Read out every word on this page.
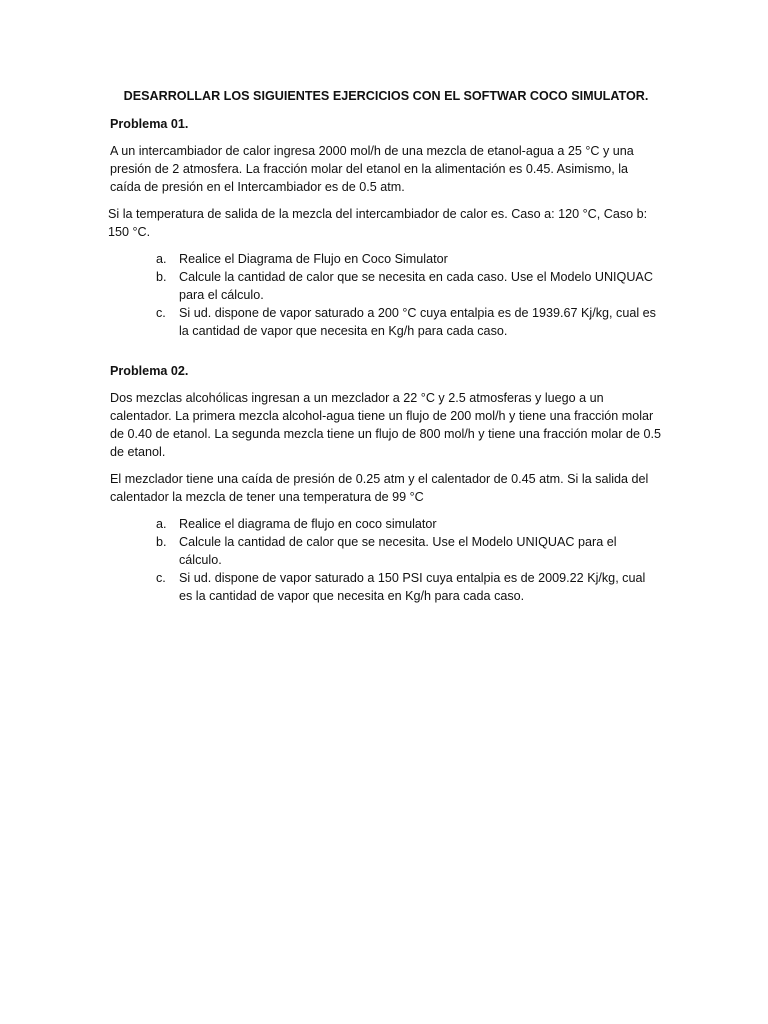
DESARROLLAR LOS SIGUIENTES EJERCICIOS CON EL SOFTWAR COCO SIMULATOR.

Problema 01.

A un intercambiador de calor ingresa 2000 mol/h de una mezcla de etanol-agua a 25 °C y una presión de 2 atmosfera. La fracción molar del etanol en la alimentación es 0.45. Asimismo, la caída de presión en el Intercambiador es de 0.5 atm.

Si la temperatura de salida de la mezcla del intercambiador de calor es. Caso a: 120 °C, Caso b: 150 °C.

a. Realice el Diagrama de Flujo en Coco Simulator
b. Calcule la cantidad de calor que se necesita en cada caso. Use el Modelo UNIQUAC para el cálculo.
c. Si ud. dispone de vapor saturado a 200 °C cuya entalpia es de 1939.67 Kj/kg, cual es la cantidad de vapor que necesita en Kg/h para cada caso.

Problema 02.

Dos mezclas alcohólicas ingresan a un mezclador a 22 °C y 2.5 atmosferas y luego a un calentador. La primera mezcla alcohol-agua tiene un flujo de 200 mol/h y tiene una fracción molar de 0.40 de etanol. La segunda mezcla tiene un flujo de 800 mol/h y tiene una fracción molar de 0.5 de etanol.

El mezclador tiene una caída de presión de 0.25 atm y el calentador de 0.45 atm. Si la salida del calentador la mezcla de tener una temperatura de 99 °C

a. Realice el diagrama de flujo en coco simulator
b. Calcule la cantidad de calor que se necesita. Use el Modelo UNIQUAC para el cálculo.
c. Si ud. dispone de vapor saturado a 150 PSI cuya entalpia es de 2009.22 Kj/kg, cual es la cantidad de vapor que necesita en Kg/h para cada caso.
